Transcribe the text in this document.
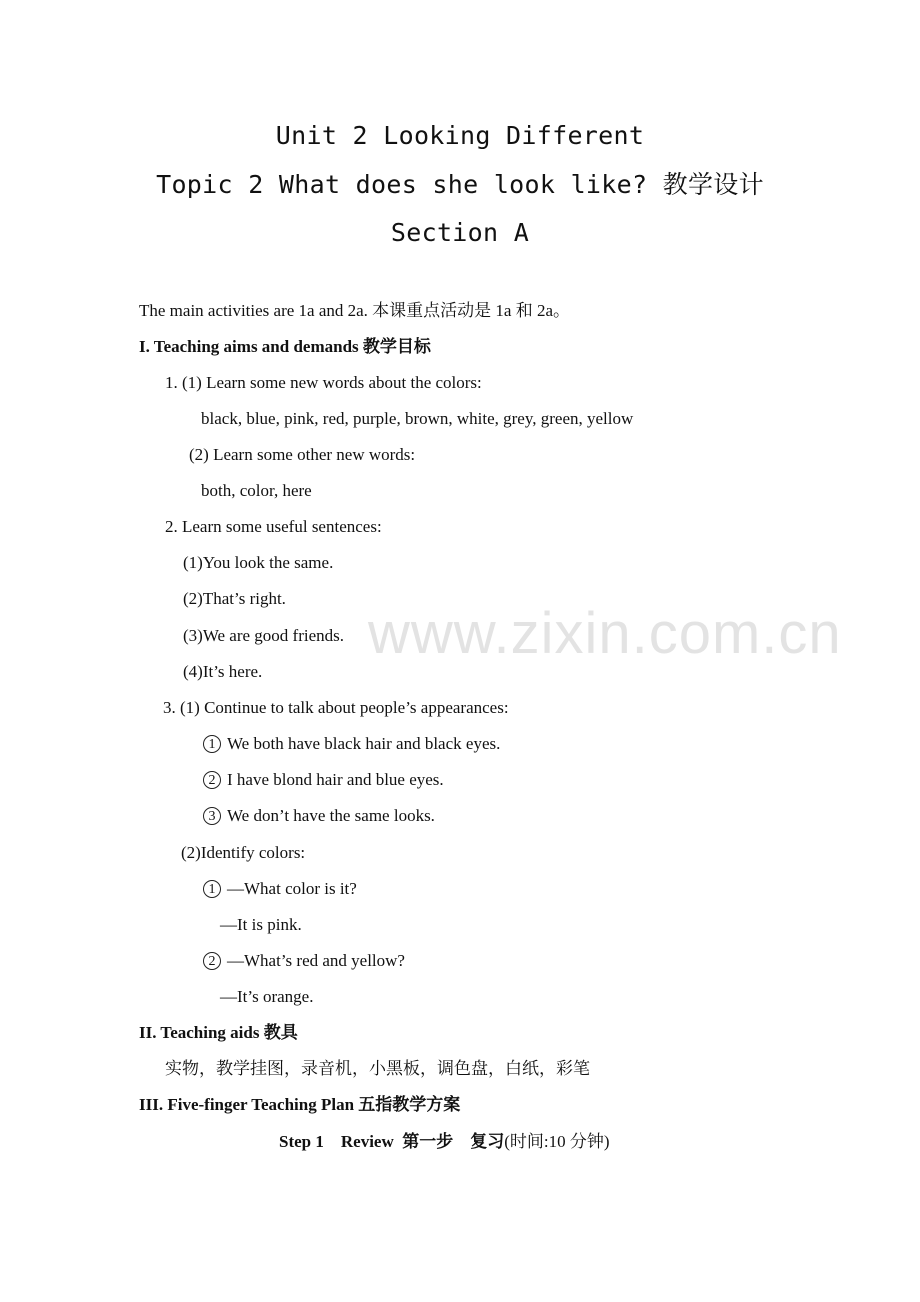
Unit 2 Looking Different
Topic 2 What does she look like? 教学设计
Section A
The main activities are 1a and 2a. 本课重点活动是 1a 和 2a。
I. Teaching aims and demands 教学目标
1. (1) Learn some new words about the colors:
black, blue, pink, red, purple, brown, white, grey, green, yellow
(2) Learn some other new words:
both, color, here
2. Learn some useful sentences:
(1)You look the same.
(2)That’s right.
(3)We are good friends.
(4)It’s here.
3. (1) Continue to talk about people’s appearances:
1 We both have black hair and black eyes.
2 I have blond hair and blue eyes.
3 We don’t have the same looks.
(2)Identify colors:
1 —What color is it?
—It is pink.
2 —What’s red and yellow?
—It’s orange.
II. Teaching aids 教具
实物，教学挂图，录音机，小黑板，调色盘，白纸，彩笔
III. Five-finger Teaching Plan 五指教学方案
Step 1    Review  第一步    复习(时间:10 分钟)
www.zixin.com.cn
